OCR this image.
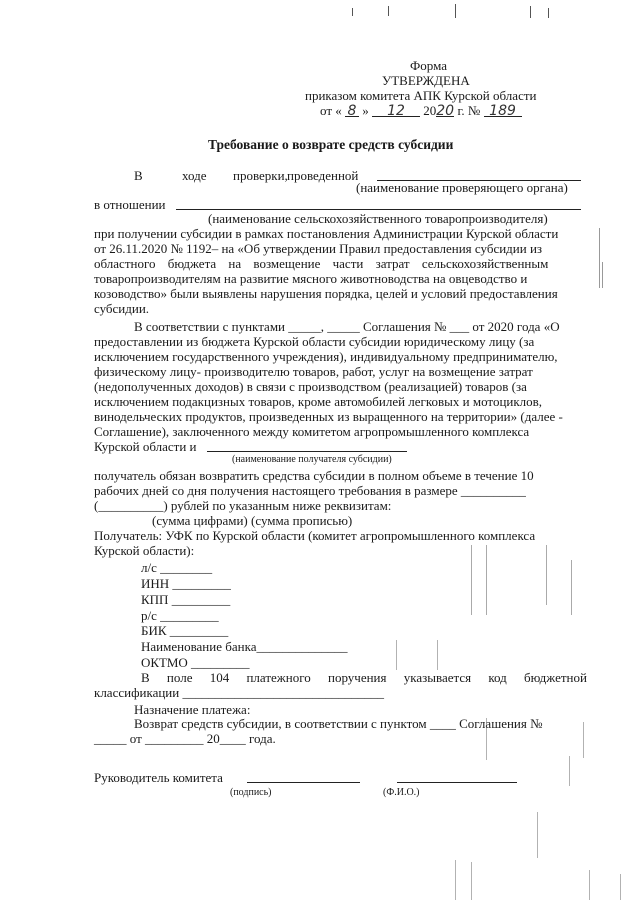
Форма
УТВЕРЖДЕНА
приказом комитета АПК Курской области
от « 8 » 12 2020 г. № 189
Требование о возврате средств субсидии
В	ходе проверки, проведенной
(наименование проверяющего органа)
в отношении
(наименование сельскохозяйственного товаропроизводителя)
при получении субсидии в рамках постановления Администрации Курской области
от 26.11.2020 № 1192– на «Об утверждении Правил предоставления субсидии из
областного бюджета на возмещение части затрат сельскохозяйственным
товаропроизводителям на развитие мясного животноводства на овцеводство и
козоводство» были выявлены нарушения порядка, целей и условий предоставления
субсидии.
В соответствии с пунктами _____, _____ Соглашения № ___ от 2020 года «О
предоставлении из бюджета Курской области субсидии юридическому лицу (за
исключением государственного учреждения), индивидуальному предпринимателю,
физическому лицу- производителю товаров, работ, услуг на возмещение затрат
(недополученных доходов) в связи с производством (реализацией) товаров (за
исключением подакцизных товаров, кроме автомобилей легковых и мотоциклов,
винодельческих продуктов, произведенных из выращенного на территории» (далее -
Соглашение), заключенного между комитетом агропромышленного комплекса
Курской области и
(наименование получателя субсидии)
получатель обязан возвратить средства субсидии в полном объеме в течение 10
рабочих дней со дня получения настоящего требования в размере __________
(__________) рублей по указанным ниже реквизитам:
(сумма цифрами) (сумма прописью)
Получатель: УФК по Курской области (комитет агропромышленного комплекса
Курской области):
л/с ________
ИНН _________
КПП _________
р/с _________
БИК _________
Наименование банка______________
ОКТМО _________
В поле 104 платежного поручения указывается код бюджетной
классификации _______________________________
Назначение платежа:
Возврат средств субсидии, в соответствии с пунктом ____ Соглашения №
_____ от _________ 20____ года.
Руководитель комитета
(подпись)	(Ф.И.О.)
